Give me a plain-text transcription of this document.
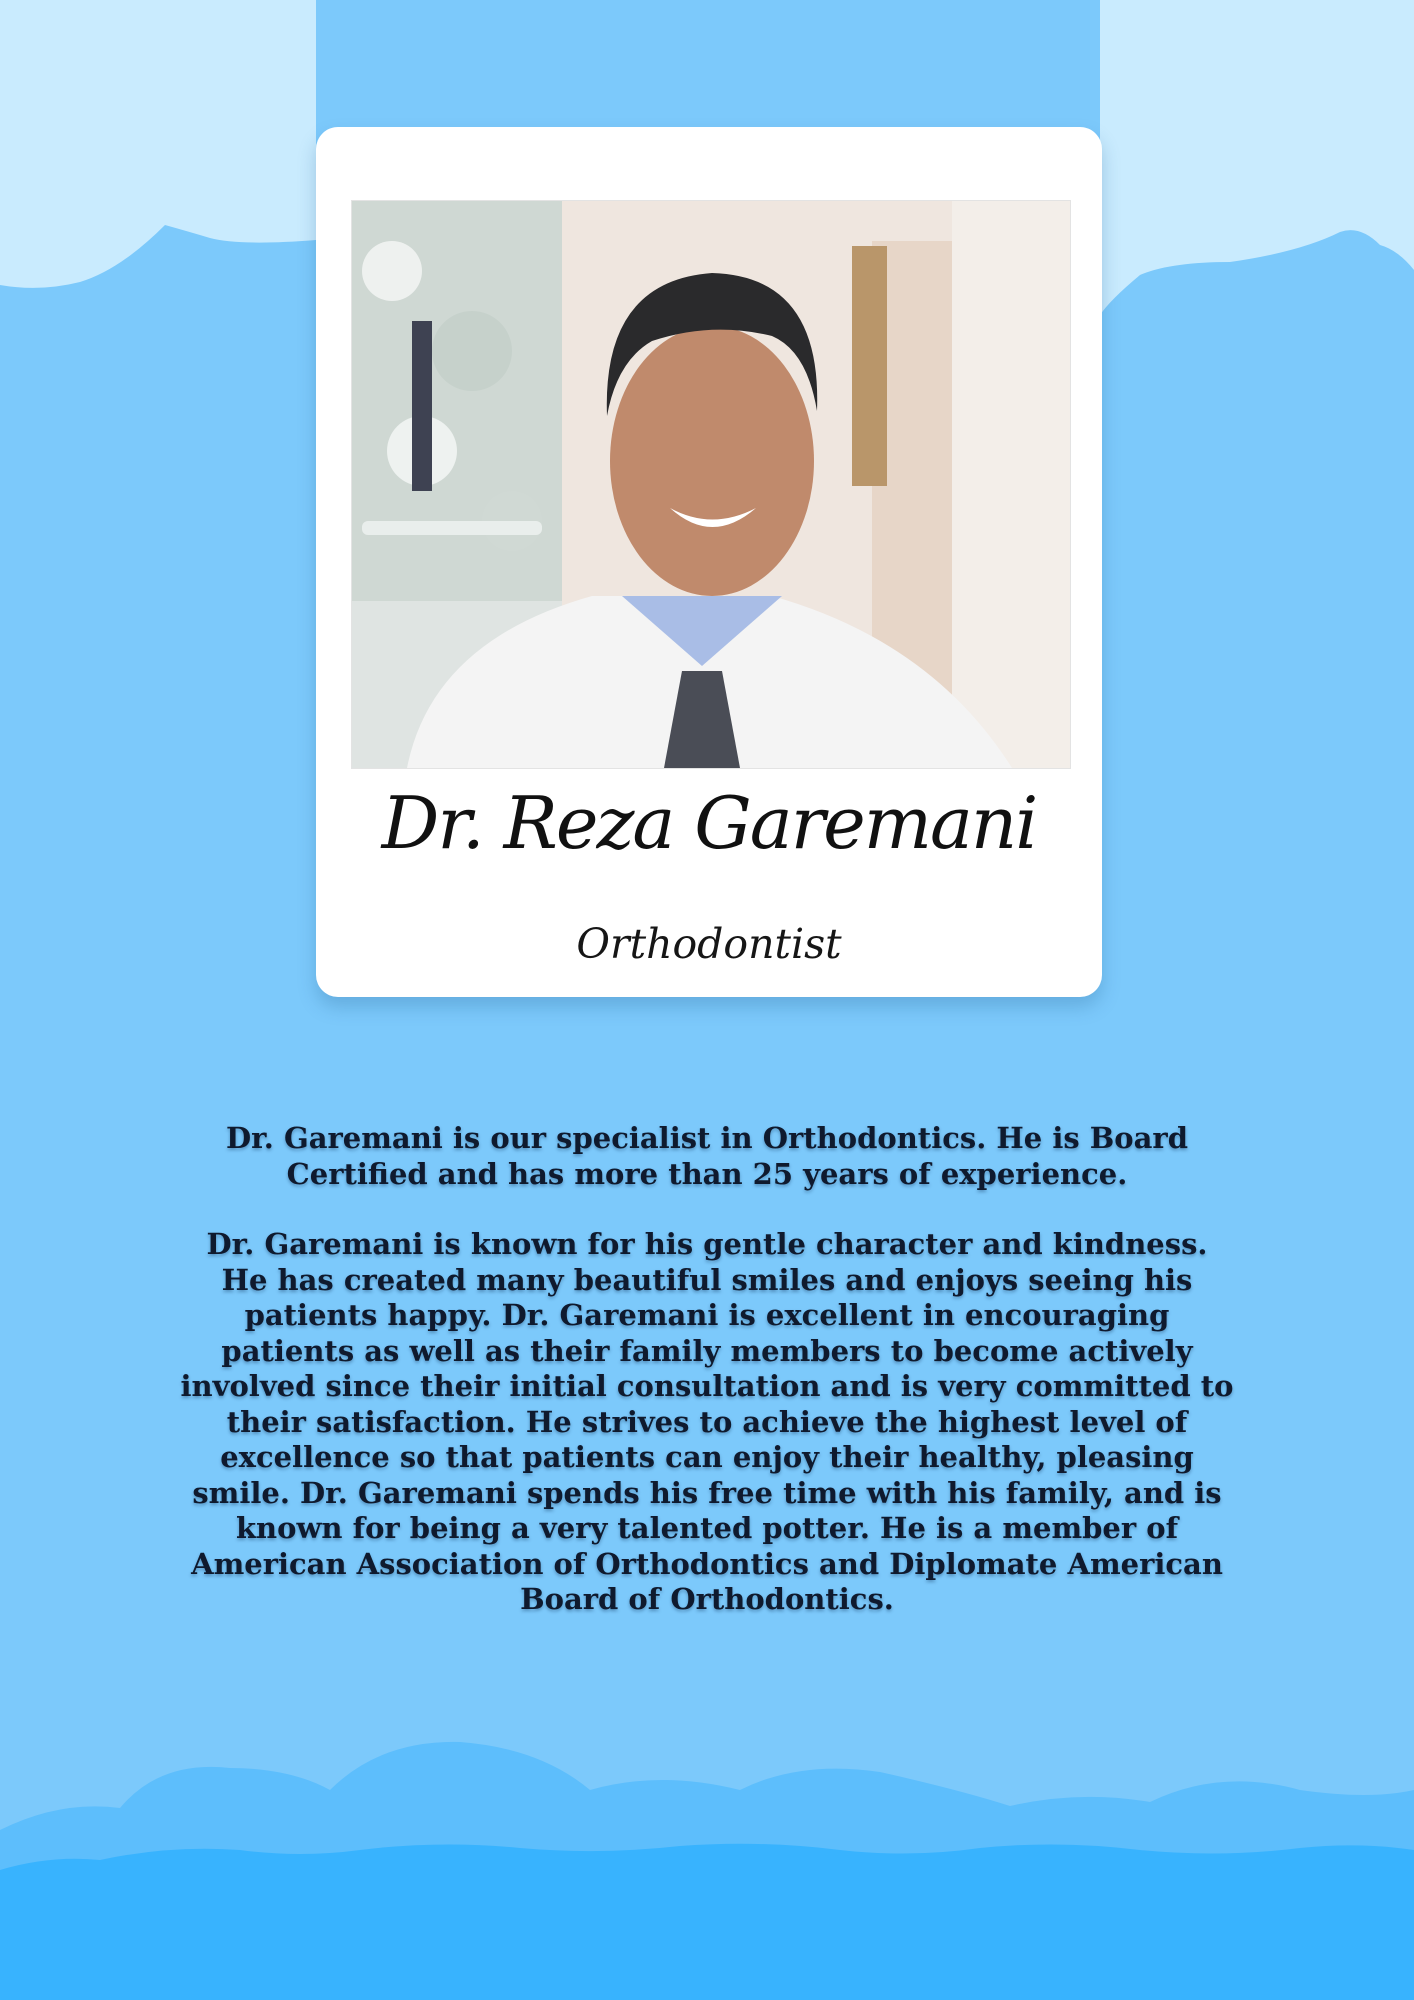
Dr. Reza Garemani
Orthodontist

Dr. Garemani is our specialist in Orthodontics. He is Board Certified and has more than 25 years of experience.

Dr. Garemani is known for his gentle character and kindness. He has created many beautiful smiles and enjoys seeing his patients happy. Dr. Garemani is excellent in encouraging patients as well as their family members to become actively involved since their initial consultation and is very committed to their satisfaction. He strives to achieve the highest level of excellence so that patients can enjoy their healthy, pleasing smile. Dr. Garemani spends his free time with his family, and is known for being a very talented potter. He is a member of American Association of Orthodontics and Diplomate American Board of Orthodontics.
